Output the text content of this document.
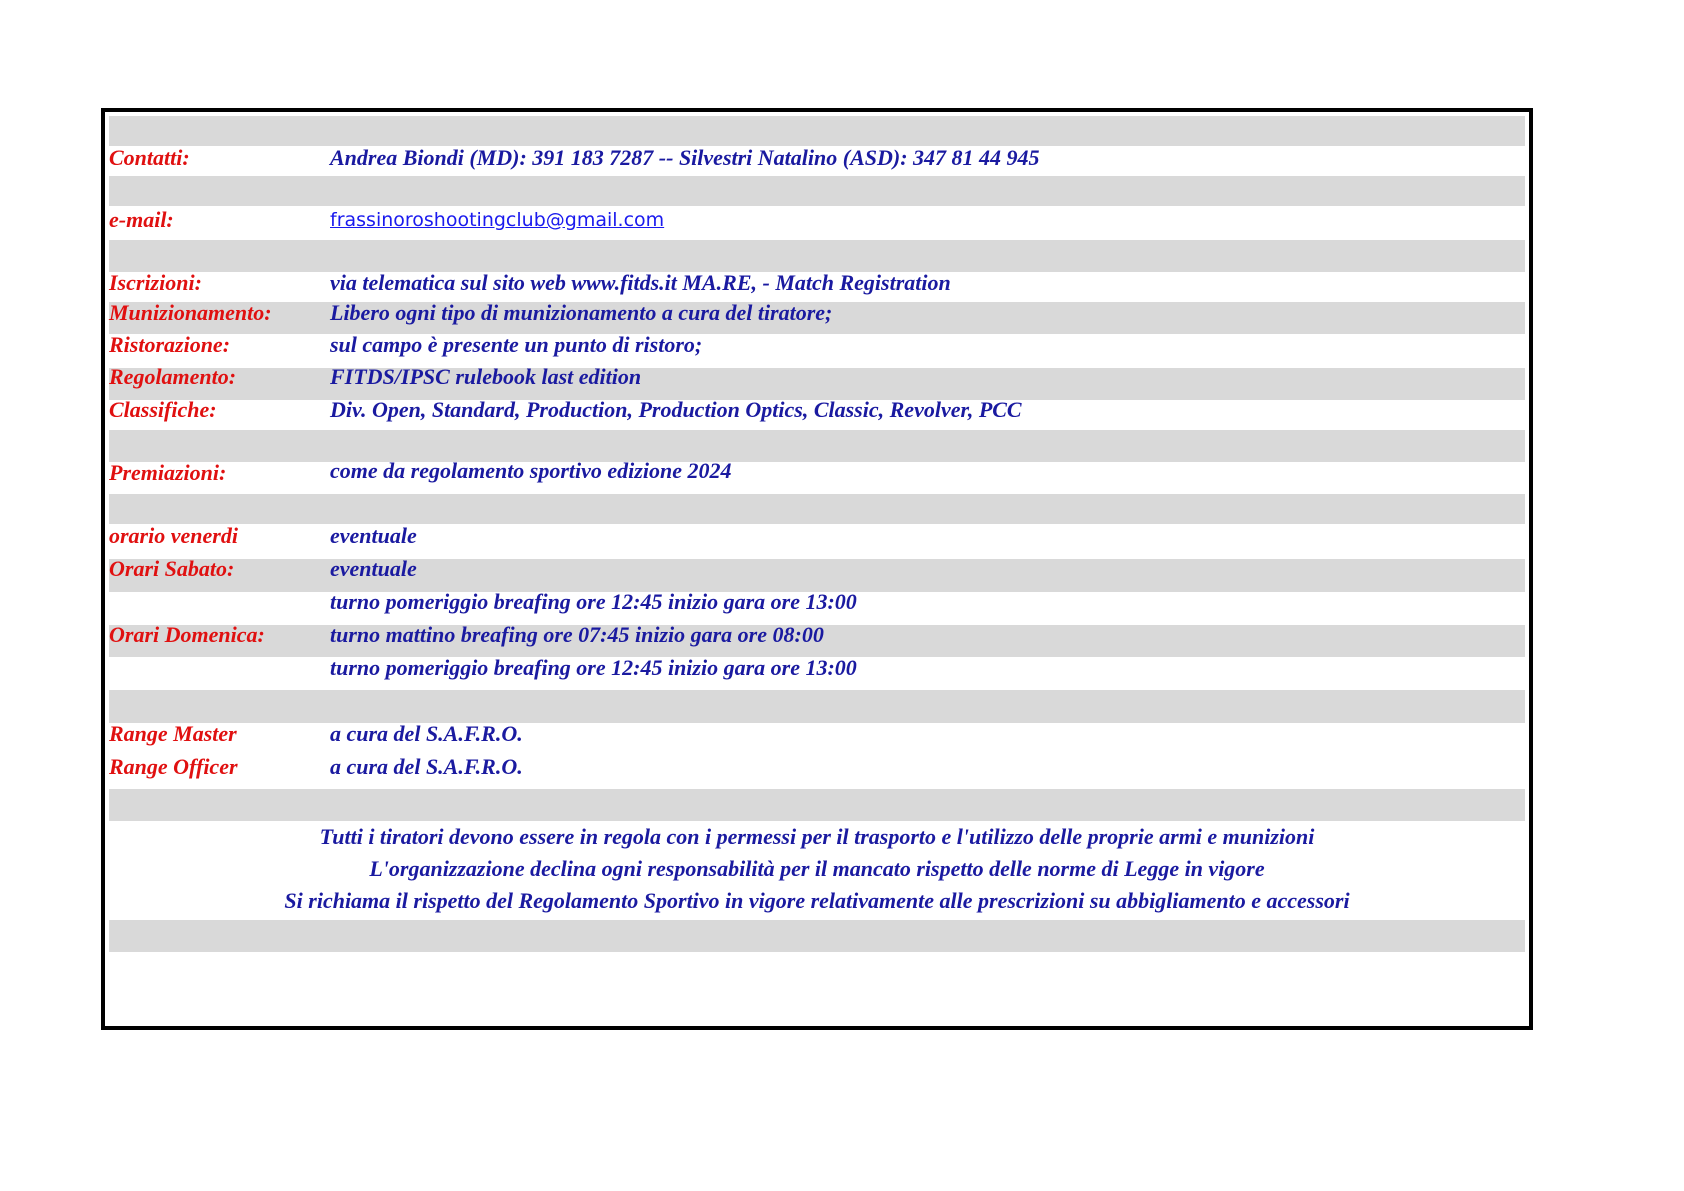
Contatti:	Andrea Biondi (MD): 391 183 7287 -- Silvestri Natalino (ASD): 347 81 44 945
e-mail:	frassinoroshootingclub@gmail.com
Iscrizioni:	via telematica sul sito web www.fitds.it MA.RE, - Match Registration
Munizionamento:	Libero ogni tipo di munizionamento a cura del tiratore;
Ristorazione:	sul campo è presente un punto di ristoro;
Regolamento:	FITDS/IPSC rulebook last edition
Classifiche:	Div. Open, Standard, Production, Production Optics, Classic, Revolver, PCC
Premiazioni:	come da regolamento sportivo edizione 2024
orario venerdi	eventuale
Orari Sabato:	eventuale
turno pomeriggio breafing ore 12:45 inizio gara ore 13:00
Orari Domenica:	turno mattino breafing ore 07:45 inizio gara ore 08:00
turno pomeriggio breafing ore 12:45 inizio gara ore 13:00
Range Master	a cura del S.A.F.R.O.
Range Officer	a cura del S.A.F.R.O.
Tutti i tiratori devono essere in regola con i permessi per il trasporto e l'utilizzo delle proprie armi e munizioni
L'organizzazione declina ogni responsabilità per il mancato rispetto delle norme di Legge in vigore
Si richiama il rispetto del Regolamento Sportivo in vigore relativamente alle prescrizioni su abbigliamento e accessori
